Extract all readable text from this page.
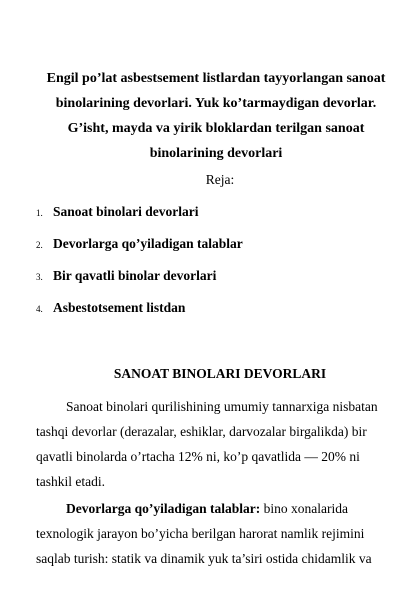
Engil po’lat asbestsement listlardan tayyorlangan sanoat binolarining devorlari. Yuk ko’tarmaydigan devorlar. G’isht, mayda va yirik bloklardan terilgan sanoat binolarining devorlari

Reja:

1. Sanoat binolari devorlari
2. Devorlarga qo’yiladigan talablar
3. Bir qavatli binolar devorlari
4. Asbestotsement listdan
SANOAT BINOLARI DEVORLARI

Sanoat binolari qurilishining umumiy tannarxiga nisbatan tashqi devorlar (derazalar, eshiklar, darvozalar birgalikda) bir qavatli binolarda o’rtacha 12% ni, ko’p qavatlida — 20% ni tashkil etadi.

Devorlarga qo’yiladigan talablar: bino xonalarida texnologik jarayon bo’yicha berilgan harorat namlik rejimini saqlab turish: statik va dinamik yuk ta’siri ostida chidamlik va
